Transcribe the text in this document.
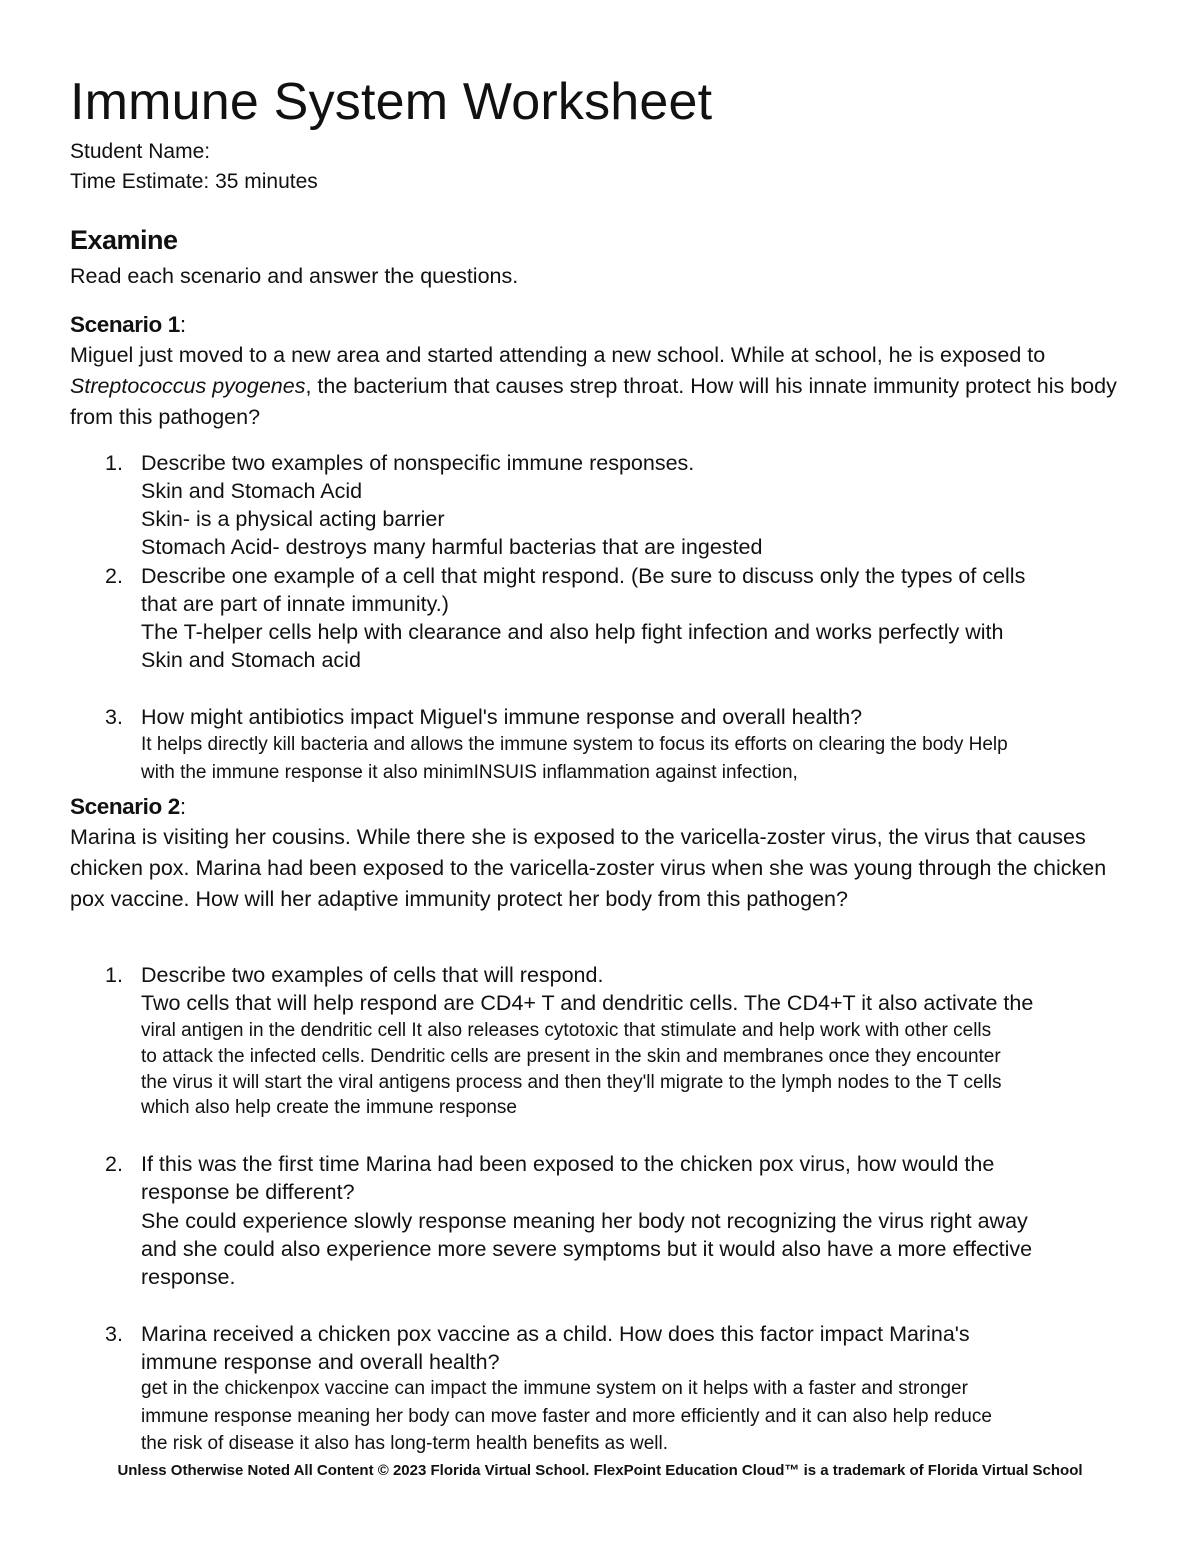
Immune System Worksheet
Student Name:
Time Estimate: 35 minutes
Examine
Read each scenario and answer the questions.
Scenario 1:
Miguel just moved to a new area and started attending a new school. While at school, he is exposed to Streptococcus pyogenes, the bacterium that causes strep throat. How will his innate immunity protect his body from this pathogen?
1. Describe two examples of nonspecific immune responses.
Skin and Stomach Acid
Skin- is a physical acting barrier
Stomach Acid- destroys many harmful bacterias that are ingested
2. Describe one example of a cell that might respond. (Be sure to discuss only the types of cells
that are part of innate immunity.)
The T-helper cells help with clearance and also help fight infection and works perfectly with
Skin and Stomach acid
3. How might antibiotics impact Miguel's immune response and overall health?
It helps directly kill bacteria and allows the immune system to focus its efforts on clearing the body Help
with the immune response it also minimINSUIS inflammation against infection,
Scenario 2:
Marina is visiting her cousins. While there she is exposed to the varicella-zoster virus, the virus that causes chicken pox. Marina had been exposed to the varicella-zoster virus when she was young through the chicken pox vaccine. How will her adaptive immunity protect her body from this pathogen?
1. Describe two examples of cells that will respond.
Two cells that will help respond are CD4+ T and dendritic cells. The CD4+T it also activate the
viral antigen in the dendritic cell It also releases cytotoxic that stimulate and help work with other cells
to attack the infected cells. Dendritic cells are present in the skin and membranes once they encounter
the virus it will start the viral antigens process and then they'll migrate to the lymph nodes to the T cells
which also help create the immune response
2. If this was the first time Marina had been exposed to the chicken pox virus, how would the
response be different?
She could experience slowly response meaning her body not recognizing the virus right away
and she could also experience more severe symptoms but it would also have a more effective
response.
3. Marina received a chicken pox vaccine as a child. How does this factor impact Marina's
immune response and overall health?
get in the chickenpox vaccine can impact the immune system on it helps with a faster and stronger
immune response meaning her body can move faster and more efficiently and it can also help reduce
the risk of disease it also has long-term health benefits as well.
Unless Otherwise Noted All Content © 2023 Florida Virtual School. FlexPoint Education Cloud™ is a trademark of Florida Virtual School
